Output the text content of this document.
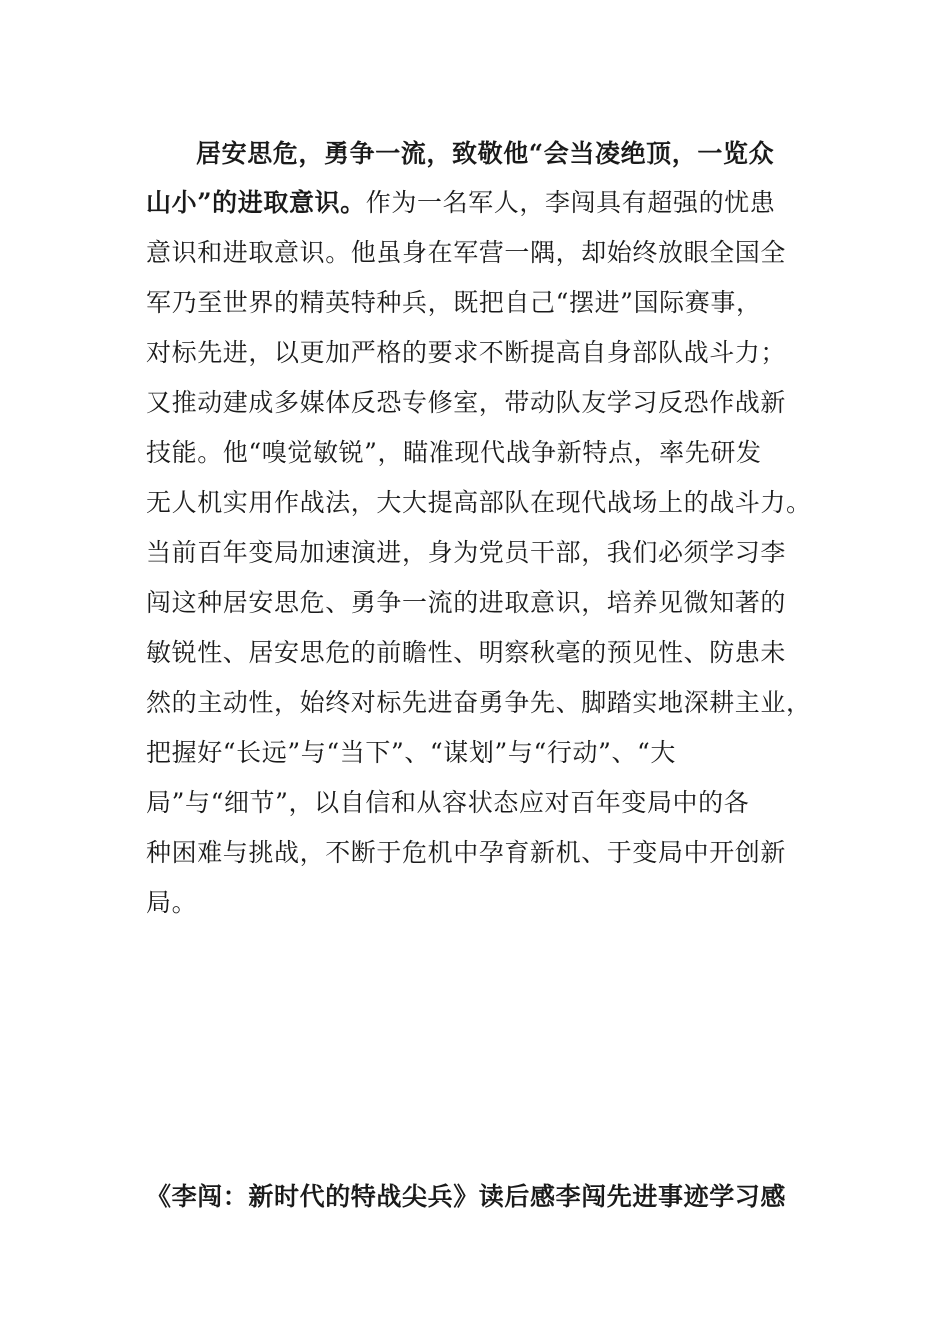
居安思危，勇争一流，致敬他“会当凌绝顶，一览众
山小”的进取意识。作为一名军人，李闯具有超强的忧患
意识和进取意识。他虽身在军营一隅，却始终放眼全国全
军乃至世界的精英特种兵，既把自己“摆进”国际赛事，
对标先进，以更加严格的要求不断提高自身部队战斗力；
又推动建成多媒体反恐专修室，带动队友学习反恐作战新
技能。他“嗅觉敏锐”，瞄准现代战争新特点，率先研发
无人机实用作战法，大大提高部队在现代战场上的战斗力。
当前百年变局加速演进，身为党员干部，我们必须学习李
闯这种居安思危、勇争一流的进取意识，培养见微知著的
敏锐性、居安思危的前瞻性、明察秋毫的预见性、防患未
然的主动性，始终对标先进奋勇争先、脚踏实地深耕主业，
把握好“长远”与“当下”、“谋划”与“行动”、“大
局”与“细节”，以自信和从容状态应对百年变局中的各
种困难与挑战，不断于危机中孕育新机、于变局中开创新
局。
《李闯：新时代的特战尖兵》读后感李闯先进事迹学习感
